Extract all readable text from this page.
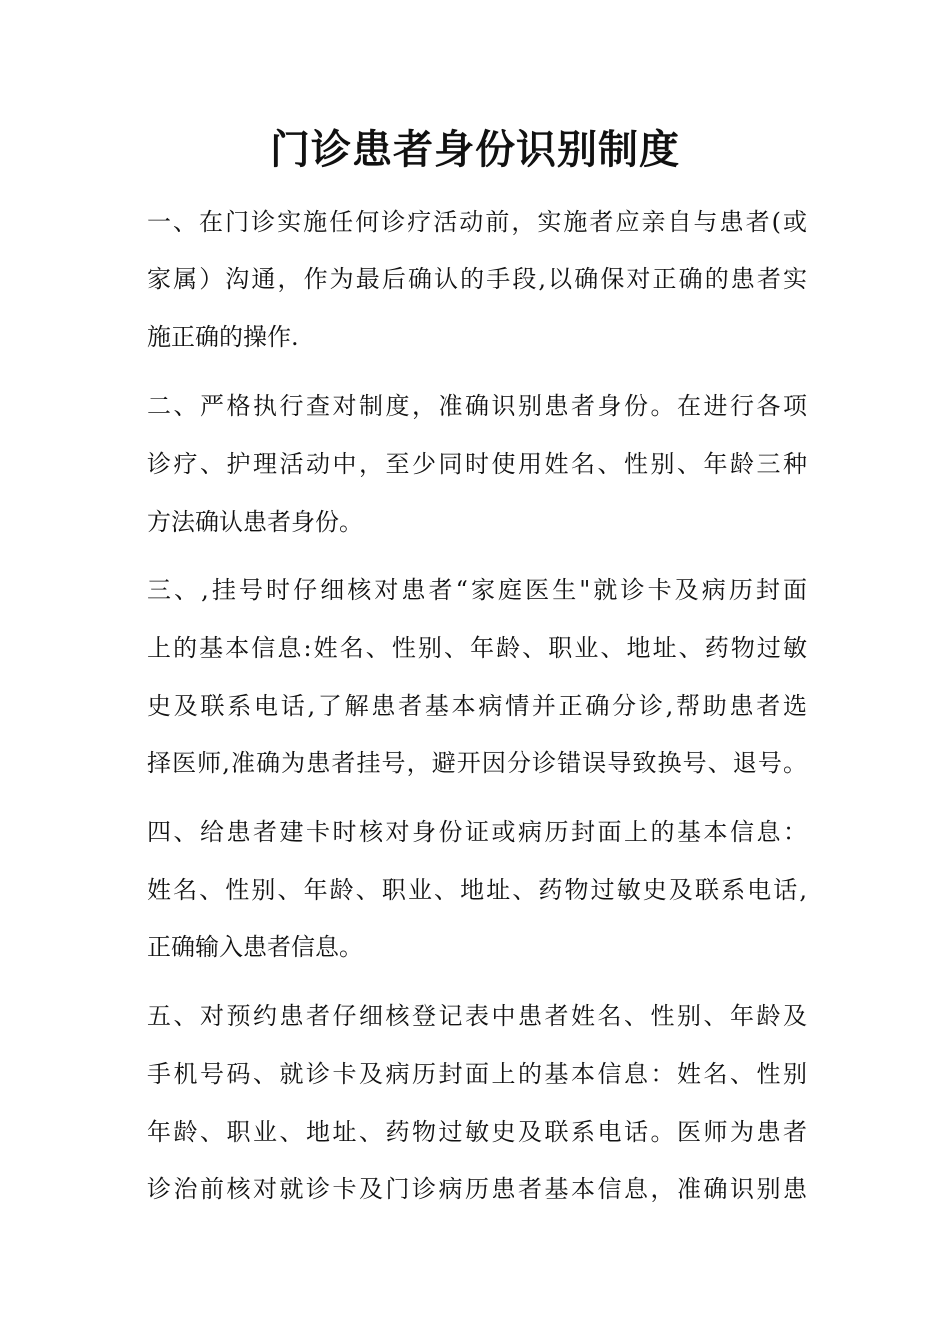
门诊患者身份识别制度
一、在门诊实施任何诊疗活动前，实施者应亲自与患者(或
家属）沟通，作为最后确认的手段,以确保对正确的患者实
施正确的操作.
二、严格执行查对制度，准确识别患者身份。在进行各项
诊疗、护理活动中，至少同时使用姓名、性别、年龄三种
方法确认患者身份。
三、,挂号时仔细核对患者“家庭医生"就诊卡及病历封面
上的基本信息:姓名、性别、年龄、职业、地址、药物过敏
史及联系电话,了解患者基本病情并正确分诊,帮助患者选
择医师,准确为患者挂号，避开因分诊错误导致换号、退号。
四、给患者建卡时核对身份证或病历封面上的基本信息：
姓名、性别、年龄、职业、地址、药物过敏史及联系电话,
正确输入患者信息。
五、对预约患者仔细核登记表中患者姓名、性别、年龄及
手机号码、就诊卡及病历封面上的基本信息：姓名、性别
年龄、职业、地址、药物过敏史及联系电话。医师为患者
诊治前核对就诊卡及门诊病历患者基本信息，准确识别患
